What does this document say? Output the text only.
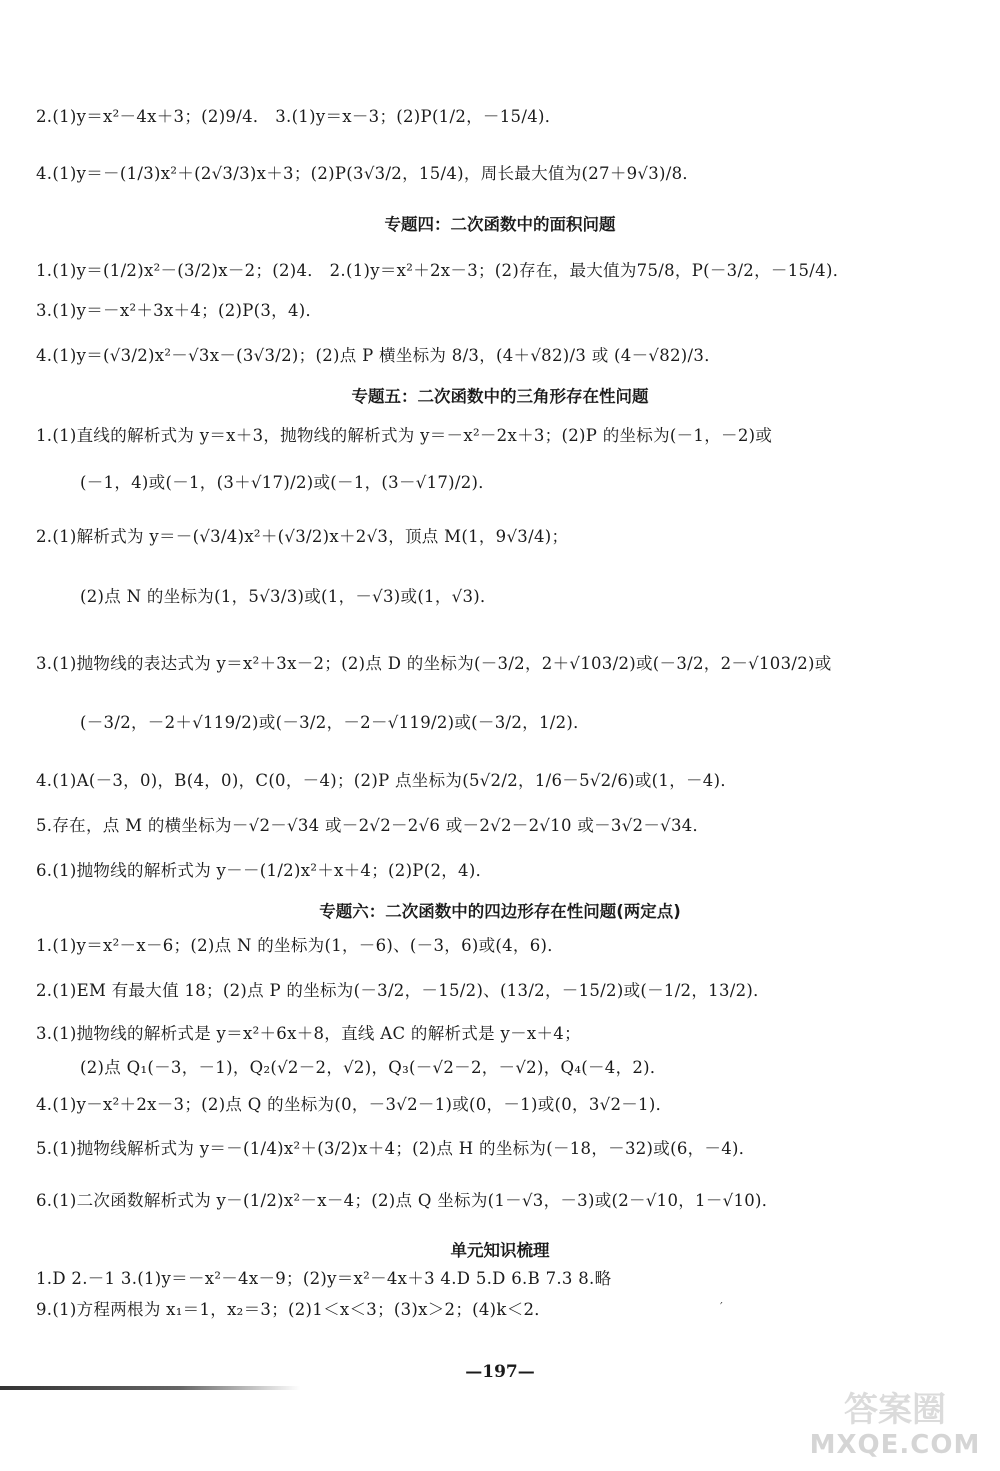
2.(1)y＝x²－4x＋3；(2)9/4． 3.(1)y＝x－3；(2)P(1/2，－15/4)．
4.(1)y＝－(1/3)x²＋(2√3/3)x＋3；(2)P(3√3/2，15/4)，周长最大值为(27＋9√3)/8．
专题四：二次函数中的面积问题
1.(1)y＝(1/2)x²－(3/2)x－2；(2)4． 2.(1)y＝x²＋2x－3；(2)存在，最大值为75/8，P(－3/2，－15/4)．
3.(1)y＝－x²＋3x＋4；(2)P(3，4)．
4.(1)y＝(√3/2)x²－√3x－(3√3/2)；(2)点 P 横坐标为 8/3，(4＋√82)/3 或 (4－√82)/3．
专题五：二次函数中的三角形存在性问题
1.(1)直线的解析式为 y＝x＋3，抛物线的解析式为 y＝－x²－2x＋3；(2)P 的坐标为(－1，－2)或
(－1，4)或(－1，(3＋√17)/2)或(－1，(3－√17)/2)．
2.(1)解析式为 y＝－(√3/4)x²＋(√3/2)x＋2√3，顶点 M(1，9√3/4)；
(2)点 N 的坐标为(1，5√3/3)或(1，－√3)或(1，√3)．
3.(1)抛物线的表达式为 y＝x²＋3x－2；(2)点 D 的坐标为(－3/2，2＋√103/2)或(－3/2，2－√103/2)或
(－3/2，－2＋√119/2)或(－3/2，－2－√119/2)或(－3/2，1/2)．
4.(1)A(－3，0)，B(4，0)，C(0，－4)；(2)P 点坐标为(5√2/2，1/6－5√2/6)或(1，－4)．
5.存在，点 M 的横坐标为－√2－√34 或－2√2－2√6 或－2√2－2√10 或－3√2－√34．
6.(1)抛物线的解析式为 y－－(1/2)x²＋x＋4；(2)P(2，4)．
专题六：二次函数中的四边形存在性问题(两定点)
1.(1)y＝x²－x－6；(2)点 N 的坐标为(1，－6)、(－3，6)或(4，6)．
2.(1)EM 有最大值 18；(2)点 P 的坐标为(－3/2，－15/2)、(13/2，－15/2)或(－1/2，13/2)．
3.(1)抛物线的解析式是 y＝x²＋6x＋8，直线 AC 的解析式是 y－x＋4；
(2)点 Q₁(－3，－1)，Q₂(√2－2，√2)，Q₃(－√2－2，－√2)，Q₄(－4，2)．
4.(1)y－x²＋2x－3；(2)点 Q 的坐标为(0，－3√2－1)或(0，－1)或(0，3√2－1)．
5.(1)抛物线解析式为 y＝－(1/4)x²＋(3/2)x＋4；(2)点 H 的坐标为(－18，－32)或(6，－4)．
6.(1)二次函数解析式为 y－(1/2)x²－x－4；(2)点 Q 坐标为(1－√3，－3)或(2－√10，1－√10)．
单元知识梳理
1.D 2.－1 3.(1)y＝－x²－4x－9；(2)y＝x²－4x＋3 4.D 5.D 6.B 7.3 8.略
9.(1)方程两根为 x₁＝1，x₂＝3；(2)1＜x＜3；(3)x＞2；(4)k＜2．	′
—197—
答案圈
MXQE.COM
